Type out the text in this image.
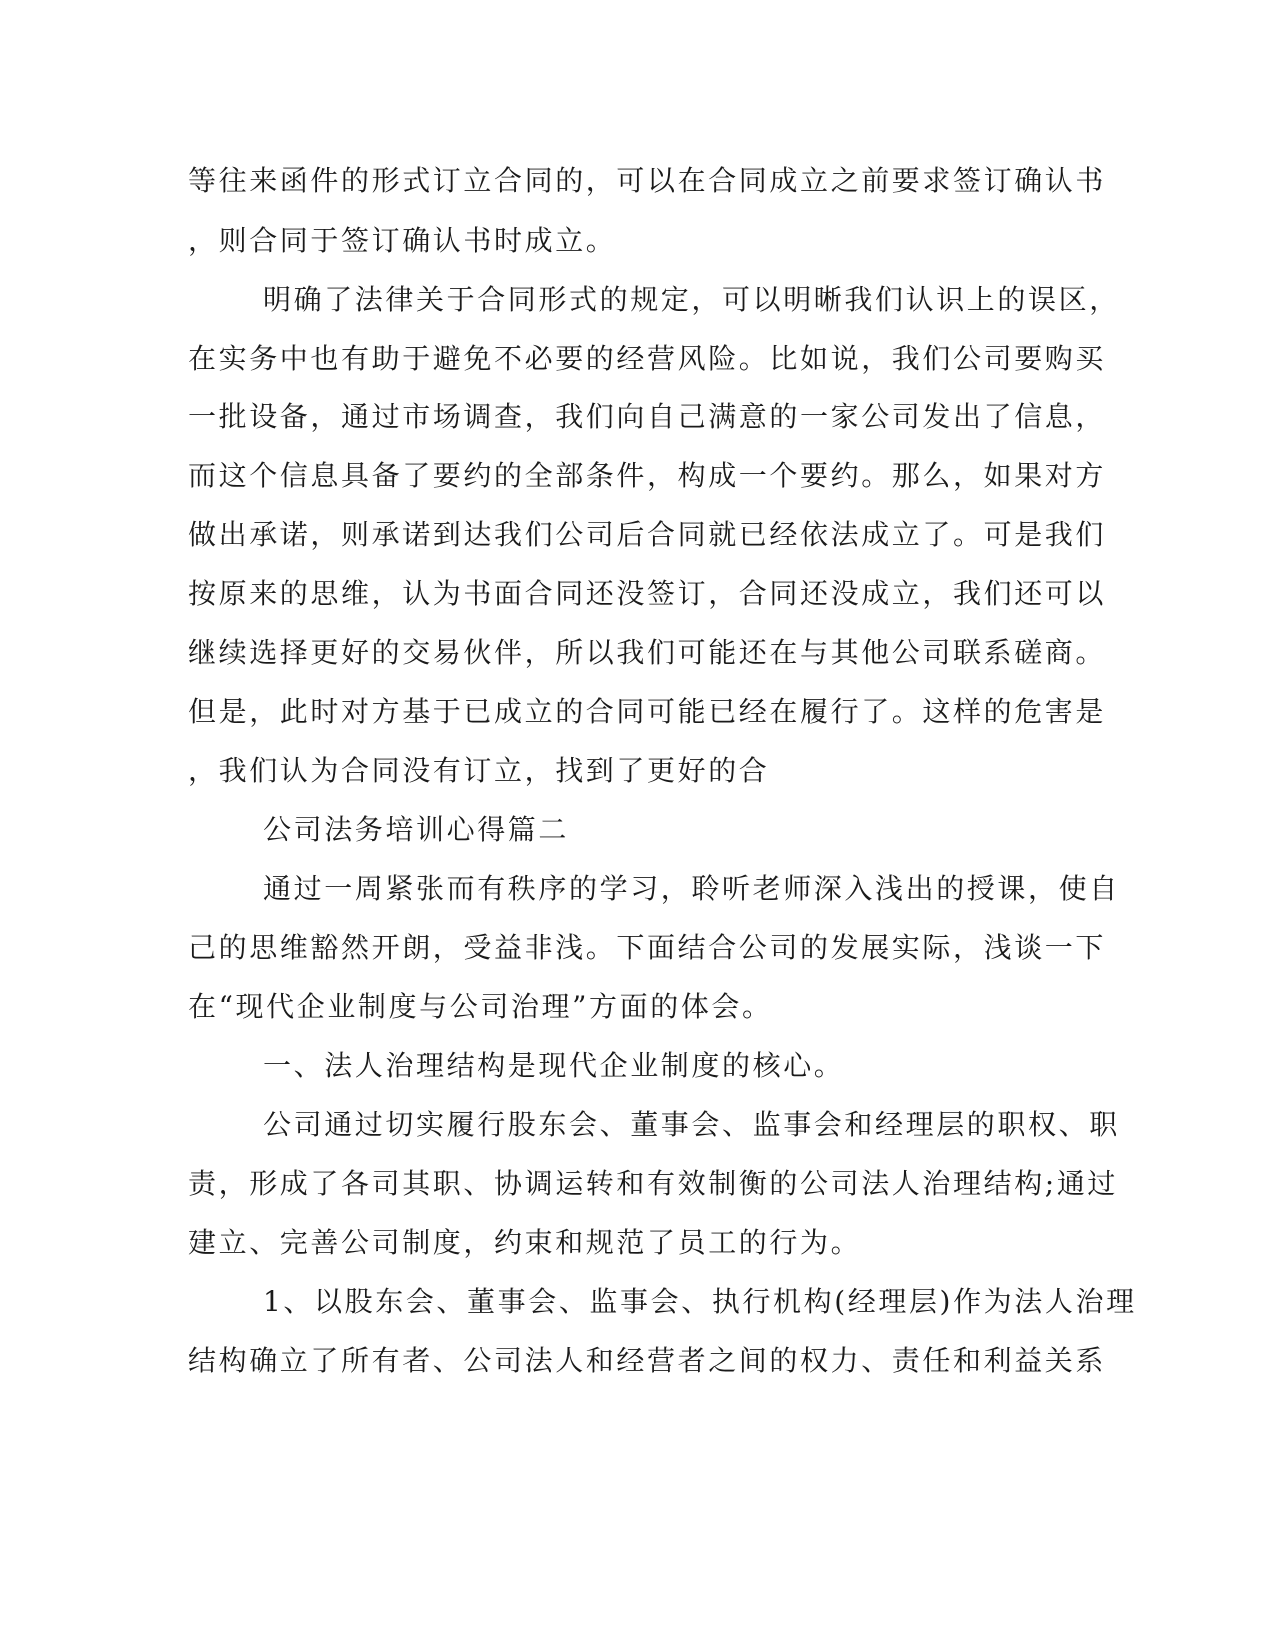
等往来函件的形式订立合同的，可以在合同成立之前要求签订确认书
，则合同于签订确认书时成立。
明确了法律关于合同形式的规定，可以明晰我们认识上的误区，
在实务中也有助于避免不必要的经营风险。比如说，我们公司要购买
一批设备，通过市场调查，我们向自己满意的一家公司发出了信息，
而这个信息具备了要约的全部条件，构成一个要约。那么，如果对方
做出承诺，则承诺到达我们公司后合同就已经依法成立了。可是我们
按原来的思维，认为书面合同还没签订，合同还没成立，我们还可以
继续选择更好的交易伙伴，所以我们可能还在与其他公司联系磋商。
但是，此时对方基于已成立的合同可能已经在履行了。这样的危害是
，我们认为合同没有订立，找到了更好的合
公司法务培训心得篇二
通过一周紧张而有秩序的学习，聆听老师深入浅出的授课，使自
己的思维豁然开朗，受益非浅。下面结合公司的发展实际，浅谈一下
在“现代企业制度与公司治理”方面的体会。
一、法人治理结构是现代企业制度的核心。
公司通过切实履行股东会、董事会、监事会和经理层的职权、职
责，形成了各司其职、协调运转和有效制衡的公司法人治理结构;通过
建立、完善公司制度，约束和规范了员工的行为。
1、以股东会、董事会、监事会、执行机构(经理层)作为法人治理
结构确立了所有者、公司法人和经营者之间的权力、责任和利益关系
